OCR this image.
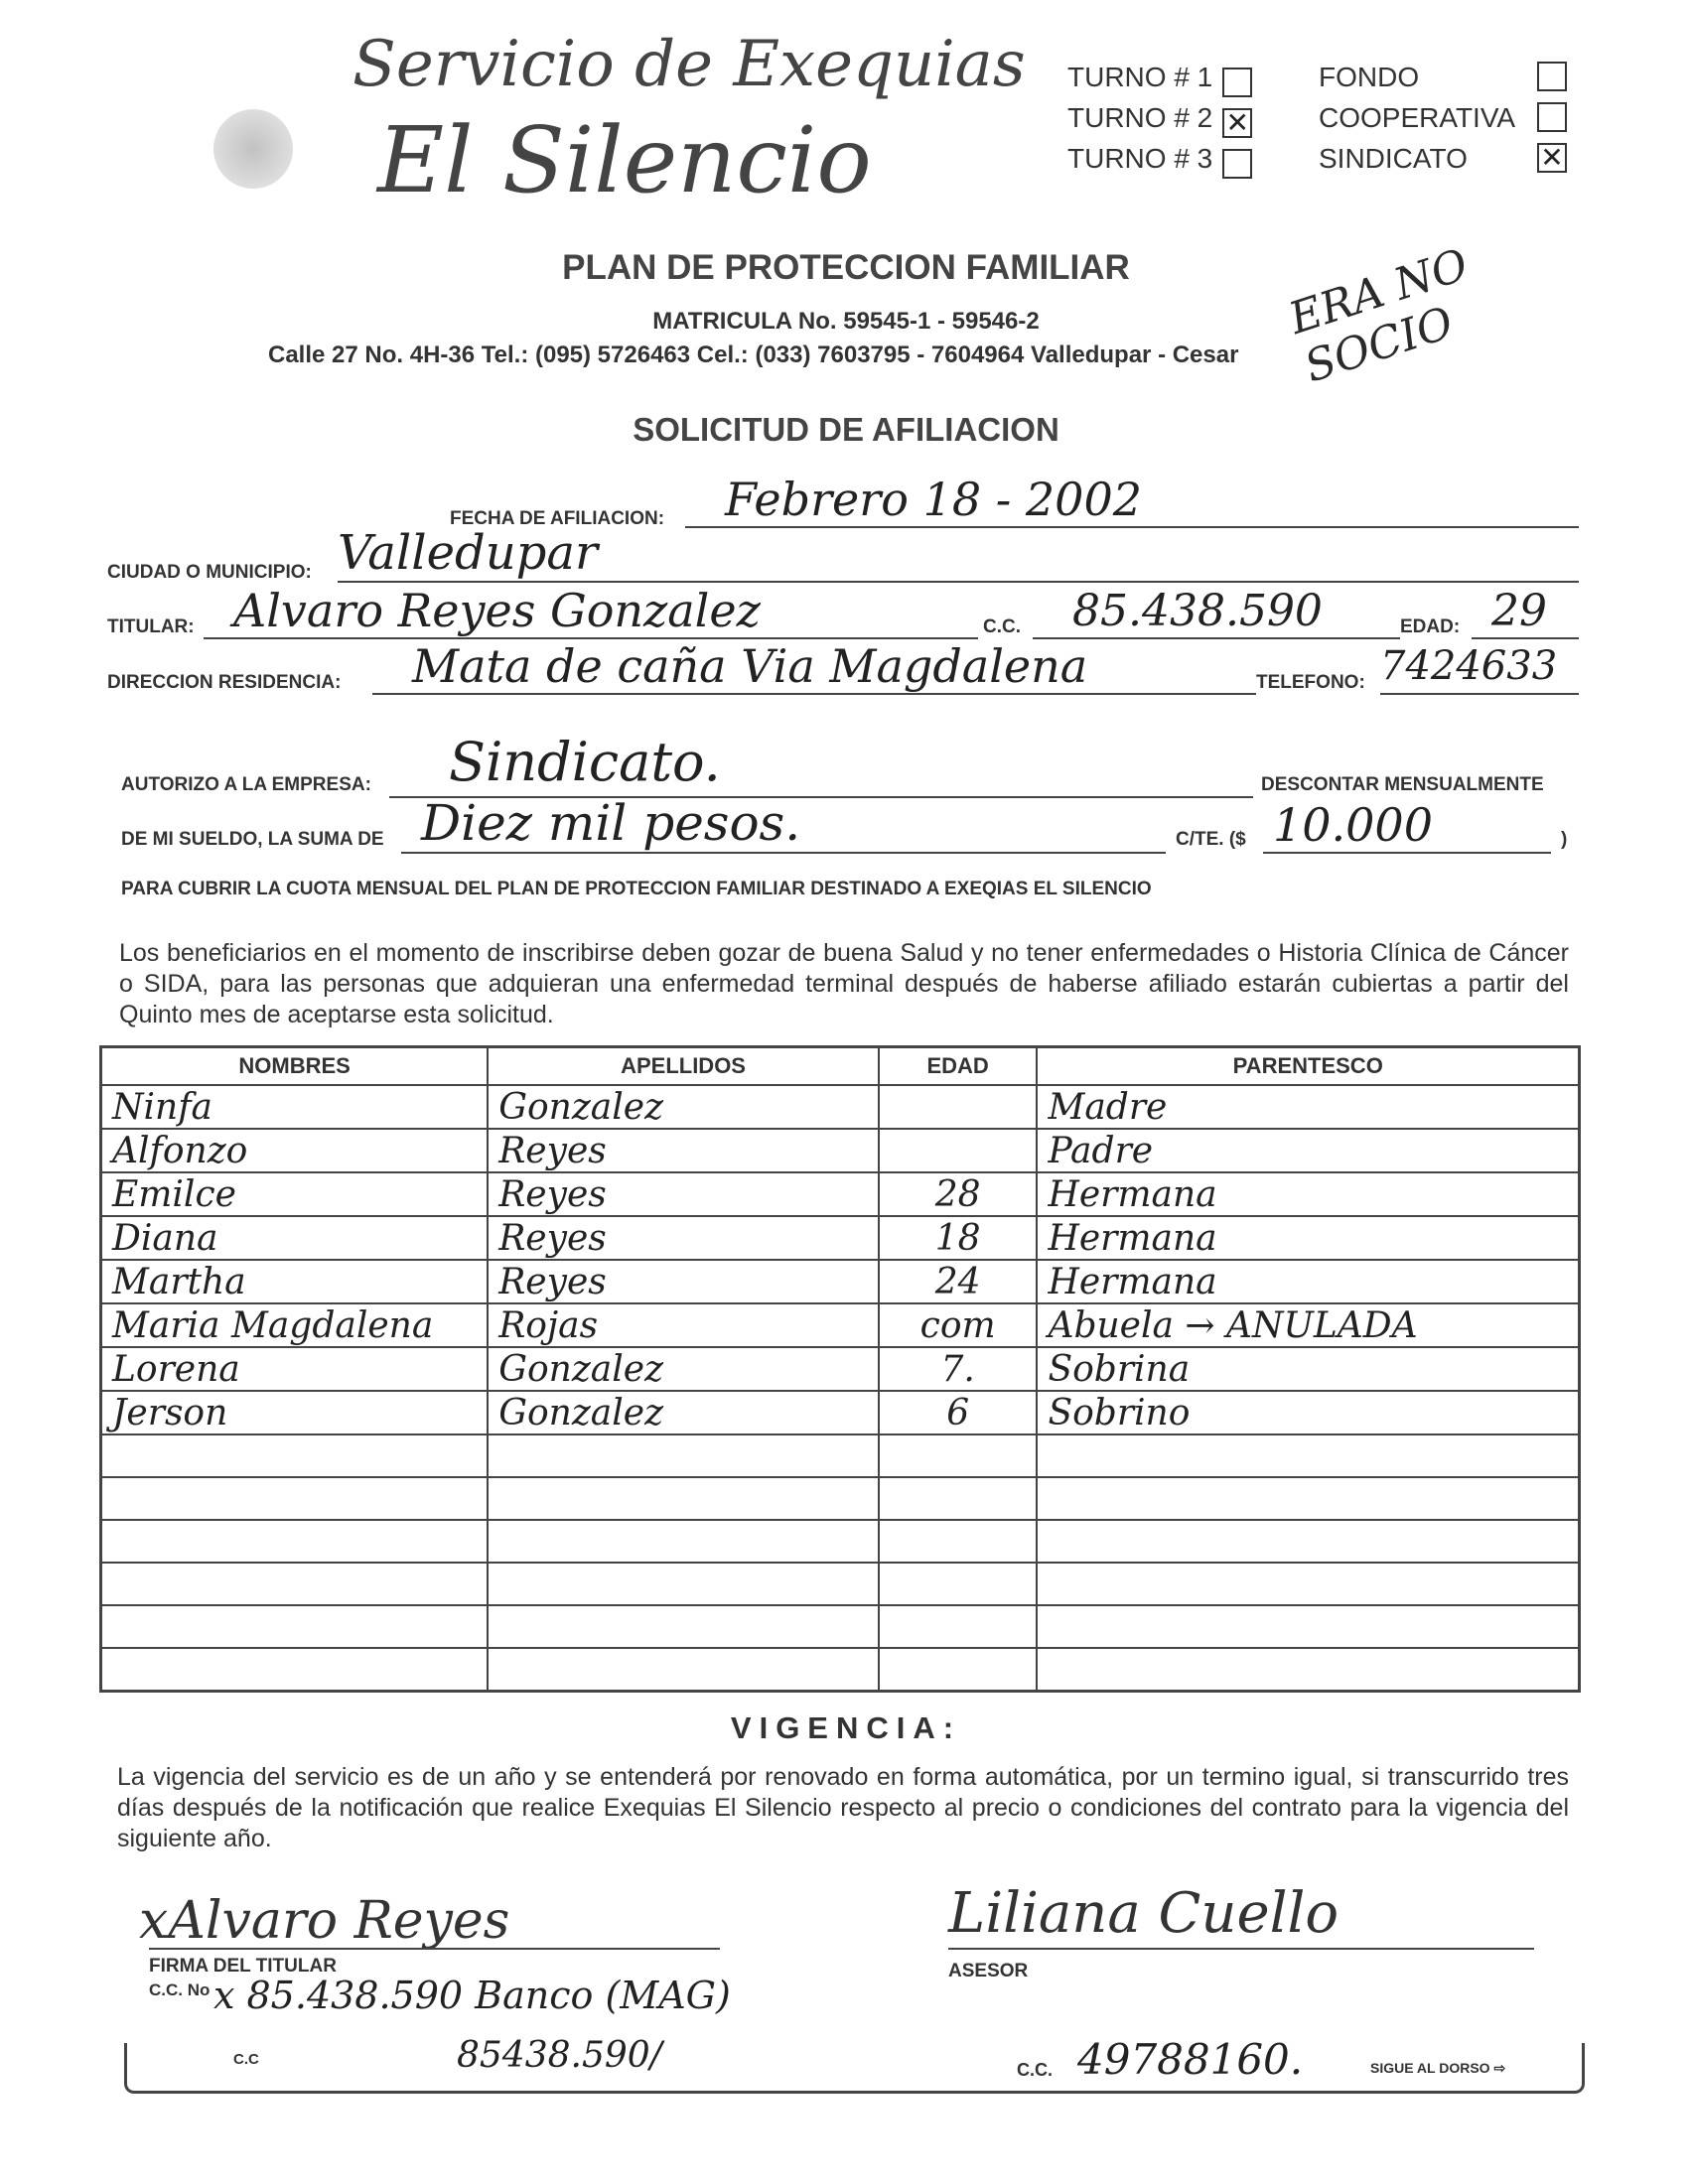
Servicio de Exequias
El Silencio
TURNO # 1
TURNO # 2 ✕
TURNO # 3
FONDO
COOPERATIVA
SINDICATO	✕
ERA NO SOCIO
PLAN DE PROTECCION FAMILIAR
MATRICULA No. 59545-1 - 59546-2
Calle 27 No. 4H-36 Tel.: (095) 5726463 Cel.: (033) 7603795 - 7604964 Valledupar - Cesar
SOLICITUD DE AFILIACION
FECHA DE AFILIACION: Febrero 18 - 2002
CIUDAD O MUNICIPIO: Valledupar
TITULAR: Alvaro Reyes Gonzalez	C.C. 85.438.590	EDAD: 29
DIRECCION RESIDENCIA: Mata de caña Via Magdalena	TELEFONO: 7424633
AUTORIZO A LA EMPRESA: Sindicato.	DESCONTAR MENSUALMENTE
DE MI SUELDO, LA SUMA DE Diez mil pesos.	C/TE. ($ 10.000	)
PARA CUBRIR LA CUOTA MENSUAL DEL PLAN DE PROTECCION FAMILIAR DESTINADO A EXEQIAS EL SILENCIO
Los beneficiarios en el momento de inscribirse deben gozar de buena Salud y no tener enfermedades o Historia Clínica de Cáncer o SIDA, para las personas que adquieran una enfermedad terminal después de haberse afiliado estarán cubiertas a partir del Quinto mes de aceptarse esta solicitud.
NOMBRES	APELLIDOS	EDAD	PARENTESCO
Ninfa	Gonzalez		Madre
Alfonzo	Reyes		Padre
Emilce	Reyes	28	Hermana
Diana	Reyes	18	Hermana
Martha	Reyes	24	Hermana
Maria Magdalena	Rojas	com	Abuela → ANULADA
Lorena	Gonzalez	7.	Sobrina
Jerson	Gonzalez	6	Sobrino

VIGENCIA:
La vigencia del servicio es de un año y se entenderá por renovado en forma automática, por un termino igual, si transcurrido tres días después de la notificación que realice Exequias El Silencio respecto al precio o condiciones del contrato para la vigencia del siguiente año.
xAlvaro Reyes
FIRMA DEL TITULAR
C.C. No x 85.438.590 Banco (MAG)
Liliana Cuello
ASESOR
C.C	85438.590/	C.C. 49788160.	SIGUE AL DORSO ⇨
